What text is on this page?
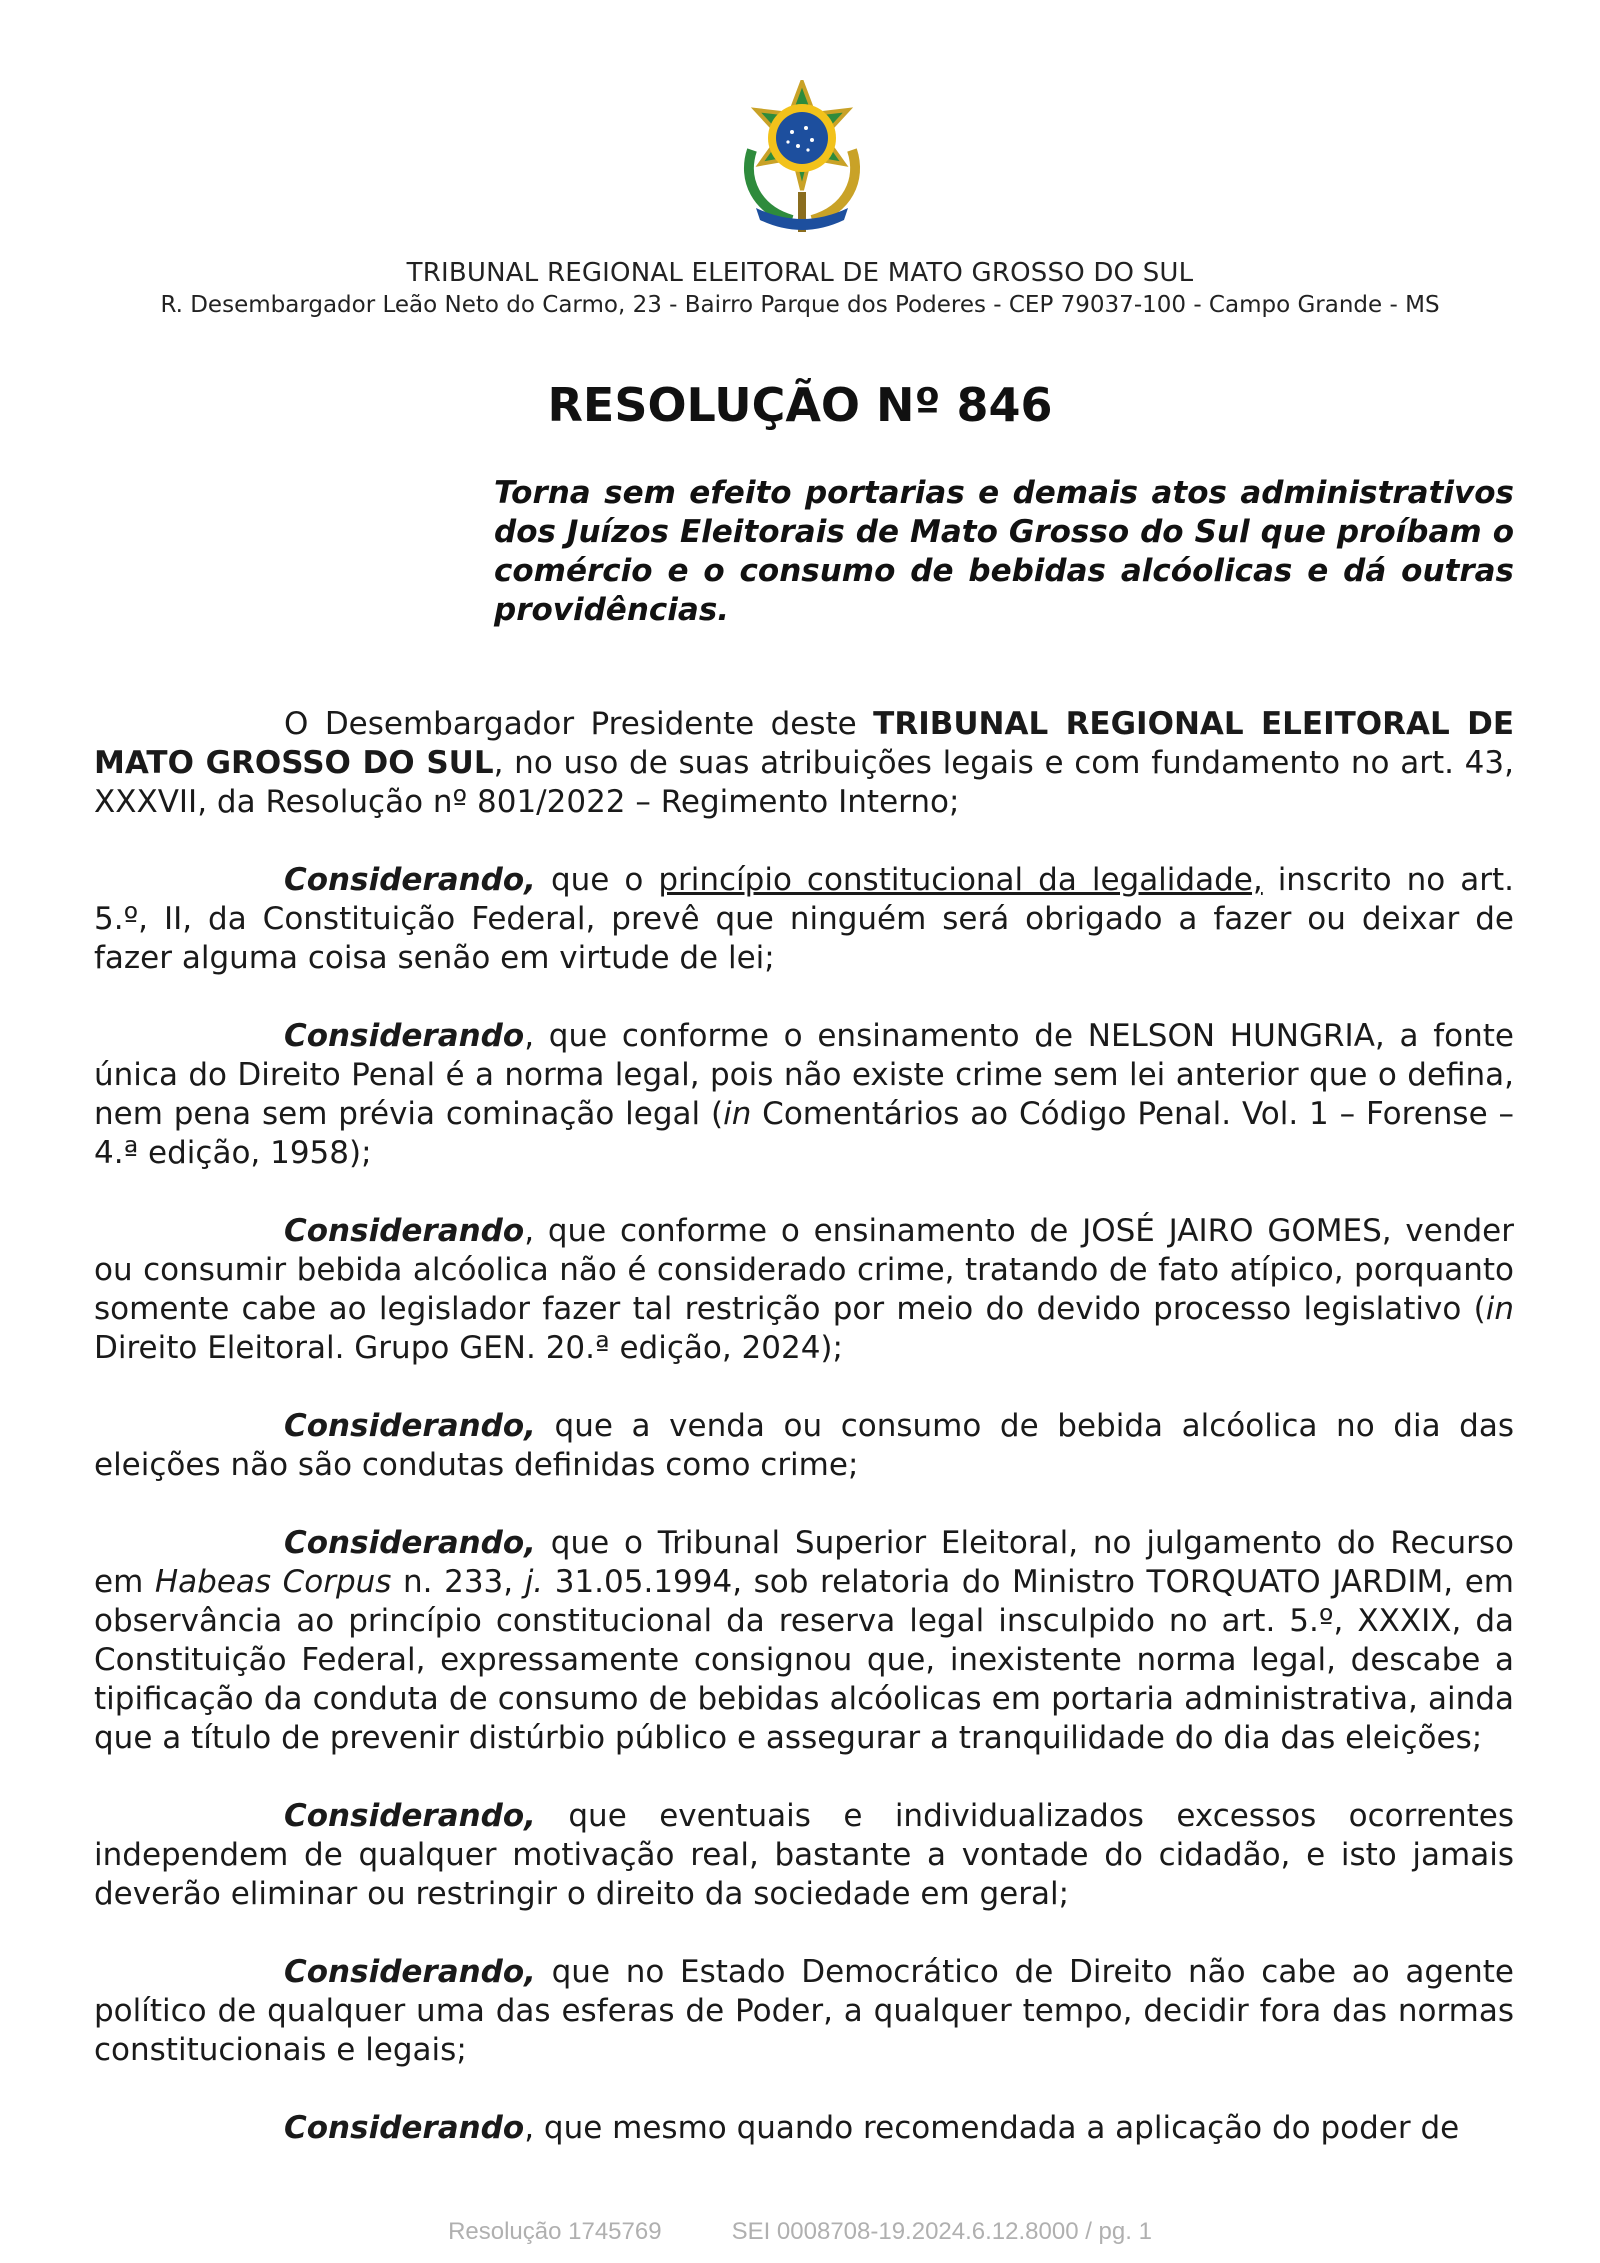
TRIBUNAL REGIONAL ELEITORAL DE MATO GROSSO DO SUL
R. Desembargador Leão Neto do Carmo, 23 - Bairro Parque dos Poderes - CEP 79037-100 - Campo Grande - MS
RESOLUÇÃO Nº 846
Torna sem efeito portarias e demais atos administrativos dos Juízos Eleitorais de Mato Grosso do Sul que proíbam o comércio e o consumo de bebidas alcóolicas e dá outras providências.

O Desembargador Presidente deste TRIBUNAL REGIONAL ELEITORAL DE MATO GROSSO DO SUL, no uso de suas atribuições legais e com fundamento no art. 43, XXXVII, da Resolução nº 801/2022 – Regimento Interno;

Considerando, que o princípio constitucional da legalidade, inscrito no art. 5.º, II, da Constituição Federal, prevê que ninguém será obrigado a fazer ou deixar de fazer alguma coisa senão em virtude de lei;

Considerando, que conforme o ensinamento de NELSON HUNGRIA, a fonte única do Direito Penal é a norma legal, pois não existe crime sem lei anterior que o defina, nem pena sem prévia cominação legal (in Comentários ao Código Penal. Vol. 1 – Forense – 4.ª edição, 1958);

Considerando, que conforme o ensinamento de JOSÉ JAIRO GOMES, vender ou consumir bebida alcóolica não é considerado crime, tratando de fato atípico, porquanto somente cabe ao legislador fazer tal restrição por meio do devido processo legislativo (in Direito Eleitoral. Grupo GEN. 20.ª edição, 2024);

Considerando, que a venda ou consumo de bebida alcóolica no dia das eleições não são condutas definidas como crime;

Considerando, que o Tribunal Superior Eleitoral, no julgamento do Recurso em Habeas Corpus n. 233, j. 31.05.1994, sob relatoria do Ministro TORQUATO JARDIM, em observância ao princípio constitucional da reserva legal insculpido no art. 5.º, XXXIX, da Constituição Federal, expressamente consignou que, inexistente norma legal, descabe a tipificação da conduta de consumo de bebidas alcóolicas em portaria administrativa, ainda que a título de prevenir distúrbio público e assegurar a tranquilidade do dia das eleições;

Considerando, que eventuais e individualizados excessos ocorrentes independem de qualquer motivação real, bastante a vontade do cidadão, e isto jamais deverão eliminar ou restringir o direito da sociedade em geral;

Considerando, que no Estado Democrático de Direito não cabe ao agente político de qualquer uma das esferas de Poder, a qualquer tempo, decidir fora das normas constitucionais e legais;

Considerando, que mesmo quando recomendada a aplicação do poder de

Resolução 1745769	SEI 0008708-19.2024.6.12.8000 / pg. 1
